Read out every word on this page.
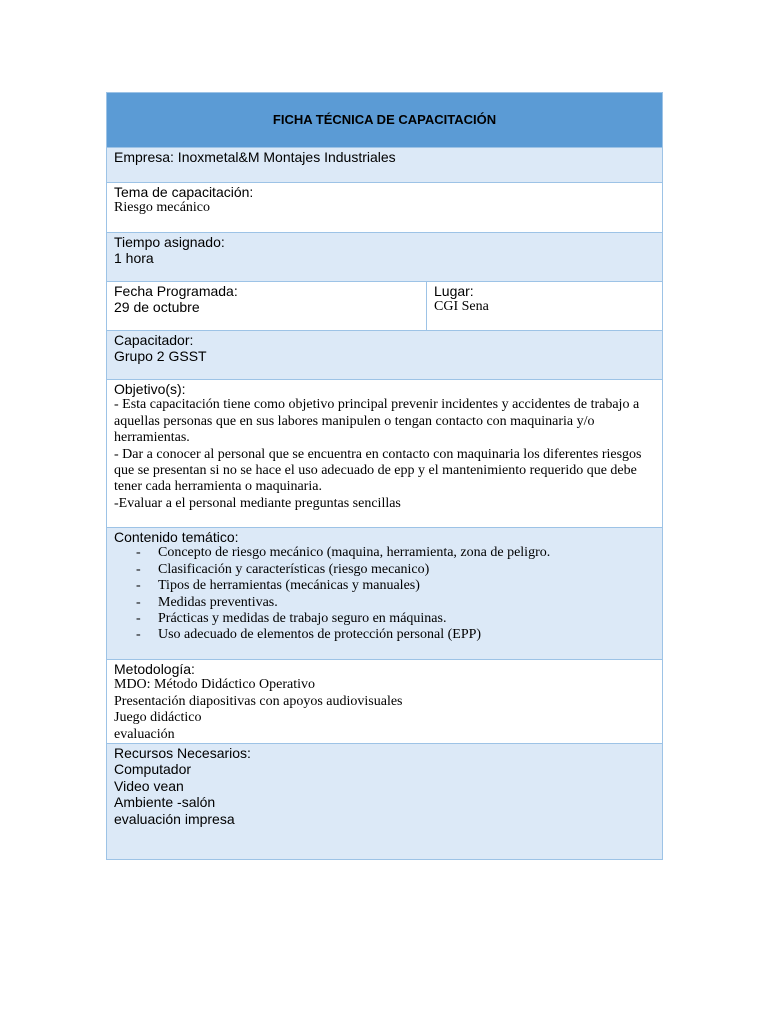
FICHA TÉCNICA DE CAPACITACIÓN

Empresa: Inoxmetal&M Montajes Industriales

Tema de capacitación:
Riesgo mecánico

Tiempo asignado:
1 hora

Fecha Programada:
29 de octubre

Lugar:
CGI Sena

Capacitador:
Grupo 2 GSST

Objetivo(s):
- Esta capacitación tiene como objetivo principal prevenir incidentes y accidentes de trabajo a aquellas personas que en sus labores manipulen o tengan contacto con maquinaria y/o herramientas.
- Dar a conocer al personal que se encuentra en contacto con maquinaria los diferentes riesgos que se presentan si no se hace el uso adecuado de epp y el mantenimiento requerido que debe tener cada herramienta o maquinaria.
-Evaluar a el personal mediante preguntas sencillas

Contenido temático:
- Concepto de riesgo mecánico (maquina, herramienta, zona de peligro.
- Clasificación y características (riesgo mecanico)
- Tipos de herramientas (mecánicas y manuales)
- Medidas preventivas.
- Prácticas y medidas de trabajo seguro en máquinas.
- Uso adecuado de elementos de protección personal (EPP)

Metodología:
MDO: Método Didáctico Operativo
Presentación diapositivas con apoyos audiovisuales
Juego didáctico
evaluación

Recursos Necesarios:
Computador
Video vean
Ambiente -salón
evaluación impresa
